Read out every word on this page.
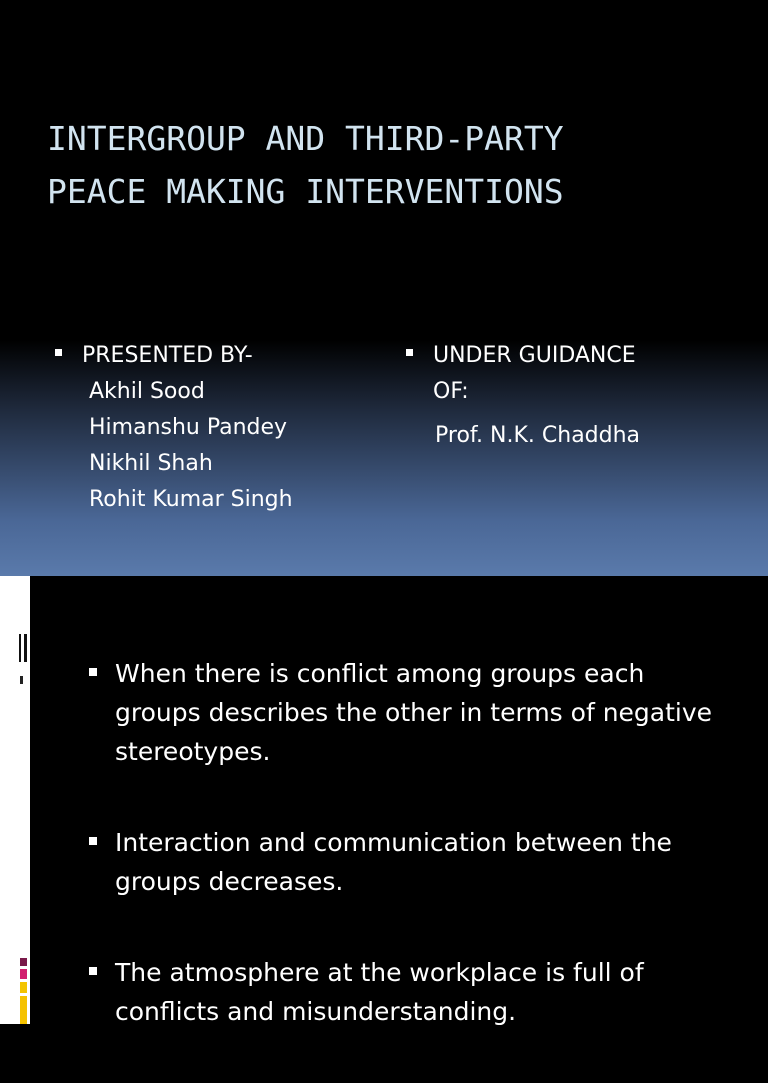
INTERGROUP AND THIRD-PARTY
PEACE MAKING INTERVENTIONS
PRESENTED BY-
Akhil Sood
Himanshu Pandey
Nikhil Shah
Rohit Kumar Singh
UNDER GUIDANCE
OF:
Prof. N.K. Chaddha
When there is conflict among groups each groups describes the other in terms of negative stereotypes.
Interaction and communication between the groups decreases.
The atmosphere at the workplace is full of conflicts and misunderstanding.
